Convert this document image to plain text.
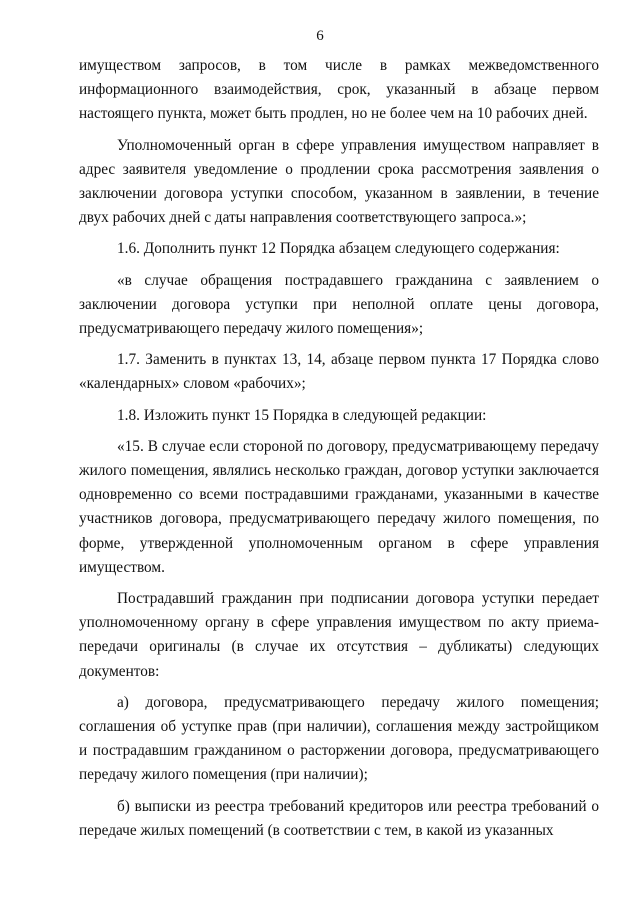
6

имуществом запросов, в том числе в рамках межведомственного информационного взаимодействия, срок, указанный в абзаце первом настоящего пункта, может быть продлен, но не более чем на 10 рабочих дней.

Уполномоченный орган в сфере управления имуществом направляет в адрес заявителя уведомление о продлении срока рассмотрения заявления о заключении договора уступки способом, указанном в заявлении, в течение двух рабочих дней с даты направления соответствующего запроса.»;

1.6. Дополнить пункт 12 Порядка абзацем следующего содержания:

«в случае обращения пострадавшего гражданина с заявлением о заключении договора уступки при неполной оплате цены договора, предусматривающего передачу жилого помещения»;

1.7. Заменить в пунктах 13, 14, абзаце первом пункта 17 Порядка слово «календарных» словом «рабочих»;

1.8. Изложить пункт 15 Порядка в следующей редакции:

«15. В случае если стороной по договору, предусматривающему передачу жилого помещения, являлись несколько граждан, договор уступки заключается одновременно со всеми пострадавшими гражданами, указанными в качестве участников договора, предусматривающего передачу жилого помещения, по форме, утвержденной уполномоченным органом в сфере управления имуществом.

Пострадавший гражданин при подписании договора уступки передает уполномоченному органу в сфере управления имуществом по акту приема-передачи оригиналы (в случае их отсутствия – дубликаты) следующих документов:

а) договора, предусматривающего передачу жилого помещения; соглашения об уступке прав (при наличии), соглашения между застройщиком и пострадавшим гражданином о расторжении договора, предусматривающего передачу жилого помещения (при наличии);

б) выписки из реестра требований кредиторов или реестра требований о передаче жилых помещений (в соответствии с тем, в какой из указанных
